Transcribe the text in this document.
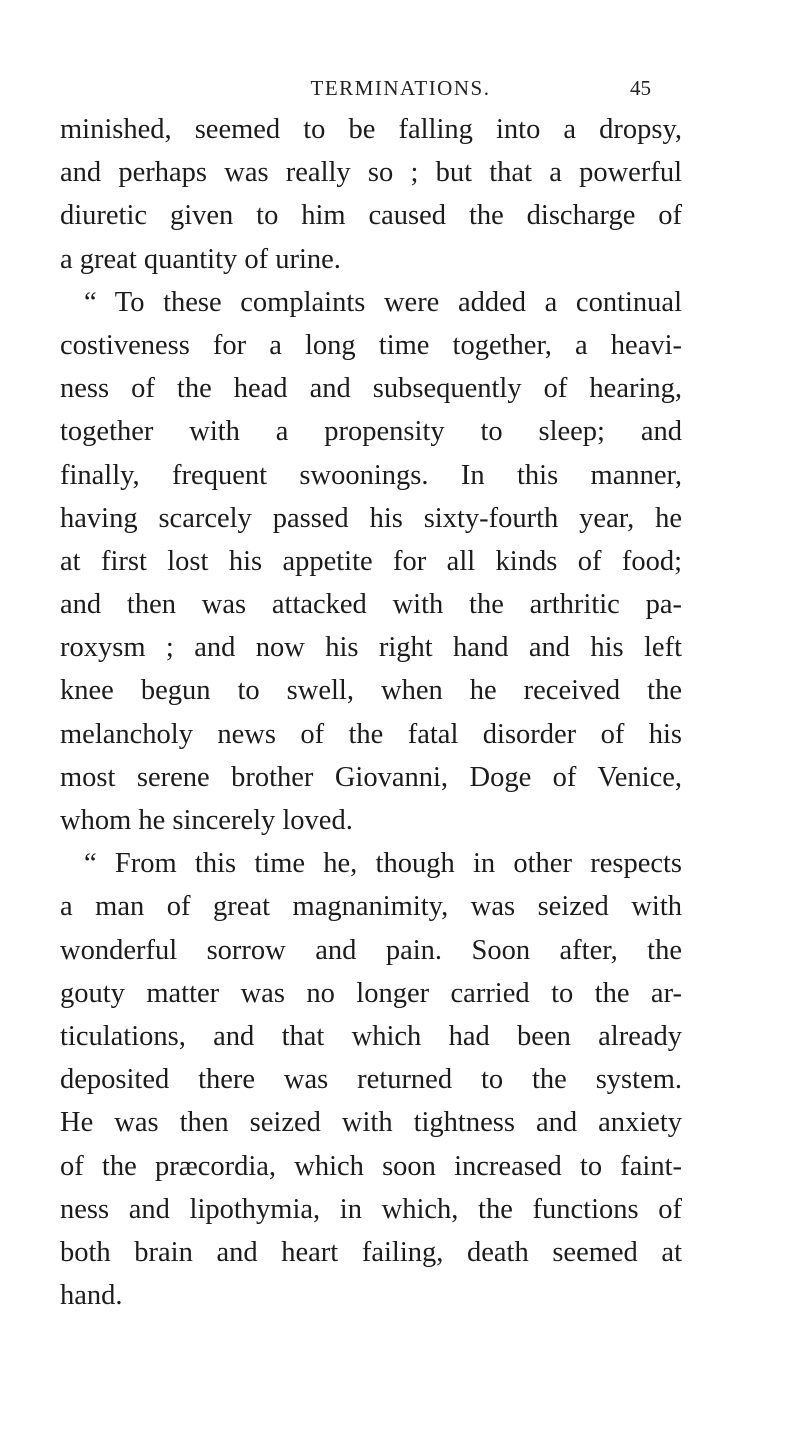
TERMINATIONS.	45
minished, seemed to be falling into a dropsy,
and perhaps was really so ; but that a powerful
diuretic given to him caused the discharge of
a great quantity of urine.
“ To these complaints were added a continual
costiveness for a long time together, a heavi-
ness of the head and subsequently of hearing,
together with a propensity to sleep; and
finally, frequent swoonings. In this manner,
having scarcely passed his sixty-fourth year, he
at first lost his appetite for all kinds of food;
and then was attacked with the arthritic pa-
roxysm ; and now his right hand and his left
knee begun to swell, when he received the
melancholy news of the fatal disorder of his
most serene brother Giovanni, Doge of Venice,
whom he sincerely loved.
“ From this time he, though in other respects
a man of great magnanimity, was seized with
wonderful sorrow and pain. Soon after, the
gouty matter was no longer carried to the ar-
ticulations, and that which had been already
deposited there was returned to the system.
He was then seized with tightness and anxiety
of the præcordia, which soon increased to faint-
ness and lipothymia, in which, the functions of
both brain and heart failing, death seemed at
hand.
